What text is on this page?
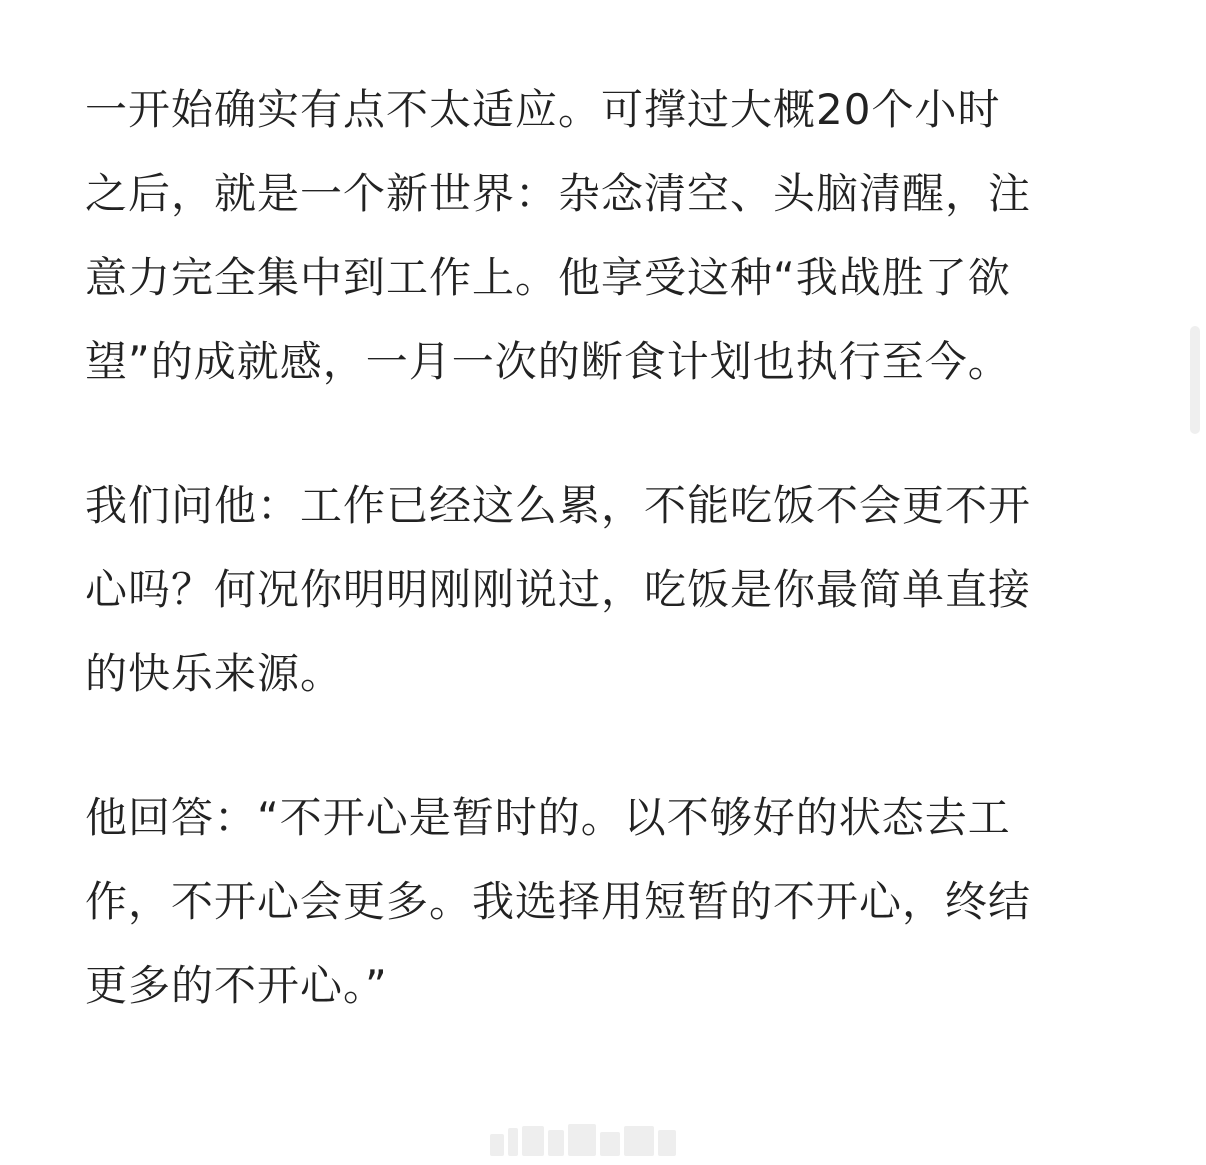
一开始确实有点不太适应。可撑过大概20个小时
之后，就是一个新世界：杂念清空、头脑清醒，注
意力完全集中到工作上。他享受这种“我战胜了欲
望”的成就感，一月一次的断食计划也执行至今。

我们问他：工作已经这么累，不能吃饭不会更不开
心吗？何况你明明刚刚说过，吃饭是你最简单直接
的快乐来源。

他回答：“不开心是暂时的。以不够好的状态去工
作，不开心会更多。我选择用短暂的不开心，终结
更多的不开心。”
